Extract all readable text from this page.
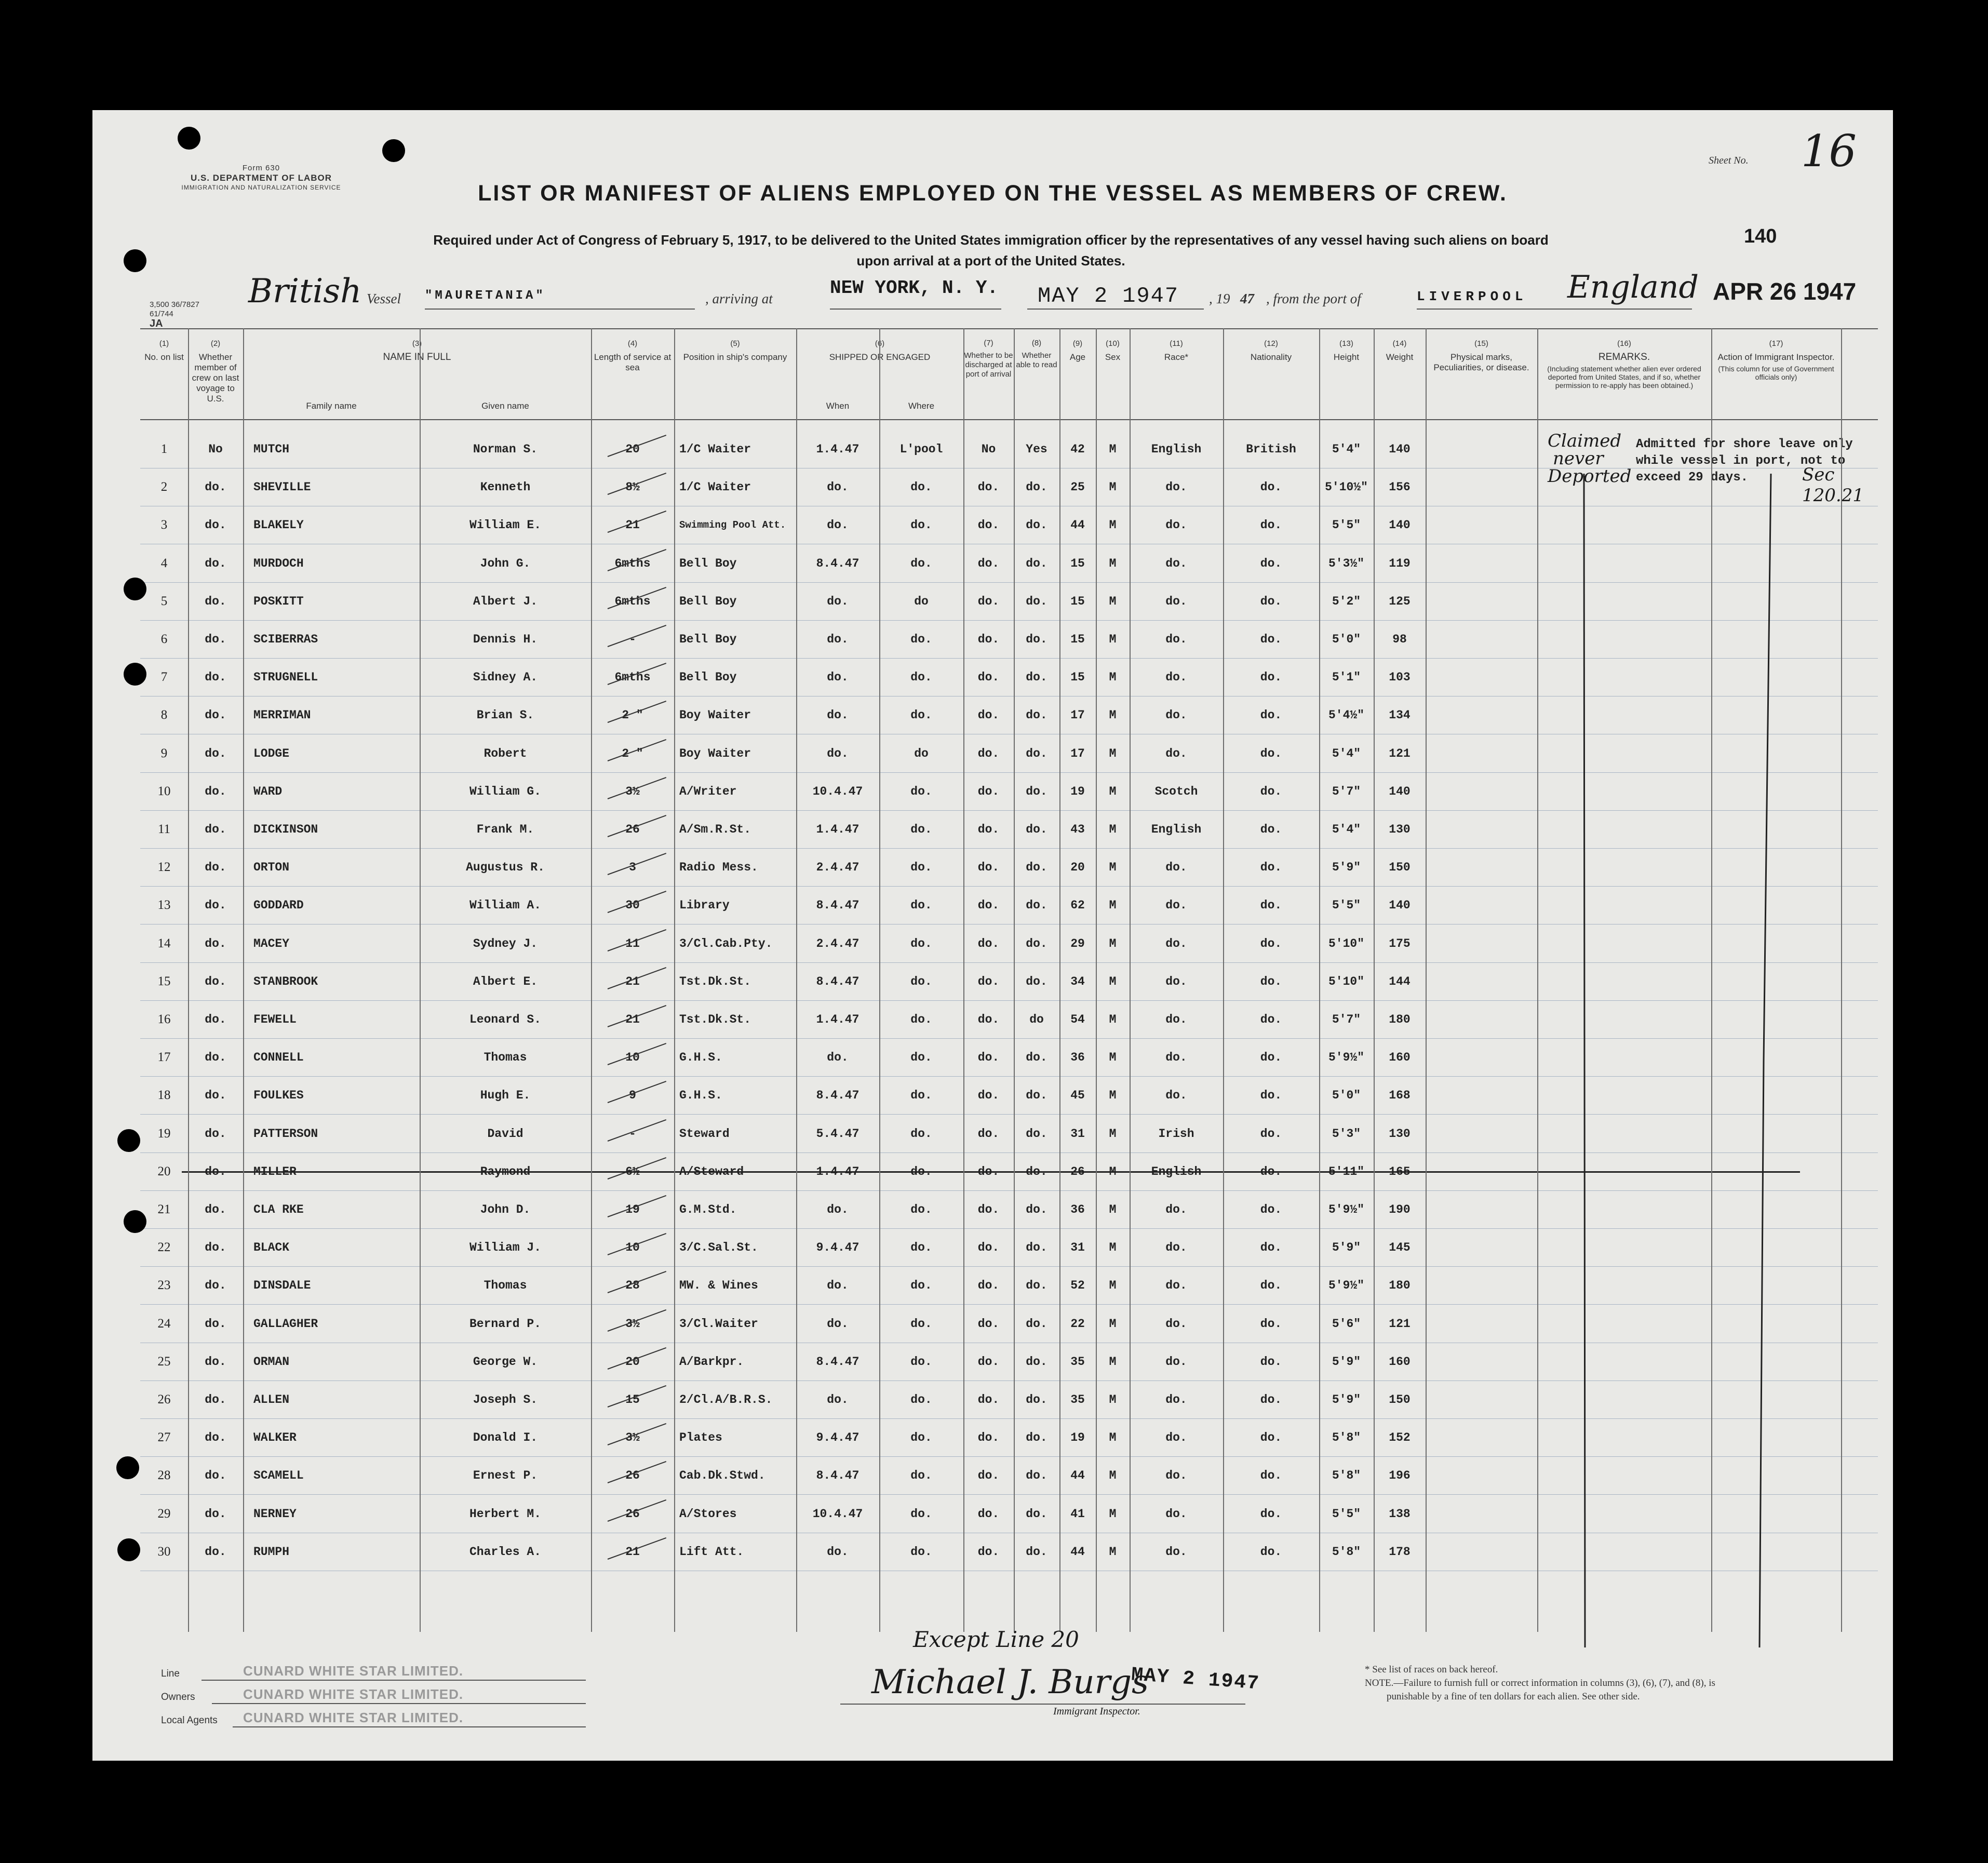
Form 630
U.S. DEPARTMENT OF LABOR
IMMIGRATION AND NATURALIZATION SERVICE
Sheet No. 16
LIST OR MANIFEST OF ALIENS EMPLOYED ON THE VESSEL AS MEMBERS OF CREW.
Required under Act of Congress of February 5, 1917, to be delivered to the United States immigration officer by the representatives of any vessel having such aliens on board
upon arrival at a port of the United States.
140
APR 26 1947
3,500 36/7827
61/744
JA
British Vessel "MAURETANIA"	, arriving at	NEW YORK, N. Y. MAY 2 1947 , 19 47 , from the port of	LIVERPOOL England
(1)
No. on list
(2)
Whether member of crew on last voyage to U.S.
(3)
NAME IN FULL
Family name	Given name
(4)
Length of service at sea
(5)
Position in ship's company
(6)
SHIPPED OR ENGAGED
When	Where
(7)
Whether to be discharged at port of arrival
(8)
Whether able to read
(9)
Age
(10)
Sex
(11)
Race*
(12)
Nationality
(13)
Height
(14)
Weight
(15)
Physical marks, Peculiarities, or disease.
(16)
REMARKS.
(Including statement whether alien ever ordered deported from United States, and if so, whether permission to re-apply has been obtained.)
(17)
Action of Immigrant Inspector.
(This column for use of Government officials only)
1	No	MUTCH	Norman S.	20	1/C Waiter	1.4.47	L'pool	No	Yes	42	M	English	British	5'4"	140
2	do.	SHEVILLE	Kenneth	8½	1/C Waiter	do.	do.	do.	do.	25	M	do.	do.	5'10½"	156
3	do.	BLAKELY	William E.	21	Swimming Pool Att.	do.	do.	do.	do.	44	M	do.	do.	5'5"	140
4	do.	MURDOCH	John G.	6mths	Bell Boy	8.4.47	do.	do.	do.	15	M	do.	do.	5'3½"	119
5	do.	POSKITT	Albert J.	6mths	Bell Boy	do.	do	do.	do.	15	M	do.	do.	5'2"	125
6	do.	SCIBERRAS	Dennis H.	-	Bell Boy	do.	do.	do.	do.	15	M	do.	do.	5'0"	98
7	do.	STRUGNELL	Sidney A.	6mths	Bell Boy	do.	do.	do.	do.	15	M	do.	do.	5'1"	103
8	do.	MERRIMAN	Brian S.	2 "	Boy Waiter	do.	do.	do.	do.	17	M	do.	do.	5'4½"	134
9	do.	LODGE	Robert	2 "	Boy Waiter	do.	do	do.	do.	17	M	do.	do.	5'4"	121
10	do.	WARD	William G.	3½	A/Writer	10.4.47	do.	do.	do.	19	M	Scotch	do.	5'7"	140
11	do.	DICKINSON	Frank M.	26	A/Sm.R.St.	1.4.47	do.	do.	do.	43	M	English	do.	5'4"	130
12	do.	ORTON	Augustus R.	3	Radio Mess.	2.4.47	do.	do.	do.	20	M	do.	do.	5'9"	150
13	do.	GODDARD	William A.	30	Library	8.4.47	do.	do.	do.	62	M	do.	do.	5'5"	140
14	do.	MACEY	Sydney J.	11	3/Cl.Cab.Pty.	2.4.47	do.	do.	do.	29	M	do.	do.	5'10"	175
15	do.	STANBROOK	Albert E.	21	Tst.Dk.St.	8.4.47	do.	do.	do.	34	M	do.	do.	5'10"	144
16	do.	FEWELL	Leonard S.	21	Tst.Dk.St.	1.4.47	do.	do.	do	54	M	do.	do.	5'7"	180
17	do.	CONNELL	Thomas	10	G.H.S.	do.	do.	do.	do.	36	M	do.	do.	5'9½"	160
18	do.	FOULKES	Hugh E.	9	G.H.S.	8.4.47	do.	do.	do.	45	M	do.	do.	5'0"	168
19	do.	PATTERSON	David	-	Steward	5.4.47	do.	do.	do.	31	M	Irish	do.	5'3"	130
20	do.	MILLER	Raymond	6½	A/Steward	1.4.47	do.	do.	do.	26	M	English	do.	5'11"	165
21	do.	CLA RKE	John D.	19	G.M.Std.	do.	do.	do.	do.	36	M	do.	do.	5'9½"	190
22	do.	BLACK	William J.	10	3/C.Sal.St.	9.4.47	do.	do.	do.	31	M	do.	do.	5'9"	145
23	do.	DINSDALE	Thomas	28	MW. & Wines	do.	do.	do.	do.	52	M	do.	do.	5'9½"	180
24	do.	GALLAGHER	Bernard P.	3½	3/Cl.Waiter	do.	do.	do.	do.	22	M	do.	do.	5'6"	121
25	do.	ORMAN	George W.	20	A/Barkpr.	8.4.47	do.	do.	do.	35	M	do.	do.	5'9"	160
26	do.	ALLEN	Joseph S.	15	2/Cl.A/B.R.S.	do.	do.	do.	do.	35	M	do.	do.	5'9"	150
27	do.	WALKER	Donald I.	3½	Plates	9.4.47	do.	do.	do.	19	M	do.	do.	5'8"	152
28	do.	SCAMELL	Ernest P.	26	Cab.Dk.Stwd.	8.4.47	do.	do.	do.	44	M	do.	do.	5'8"	196
29	do.	NERNEY	Herbert M.	26	A/Stores	10.4.47	do.	do.	do.	41	M	do.	do.	5'5"	138
30	do.	RUMPH	Charles A.	21	Lift Att.	do.	do.	do.	do.	44	M	do.	do.	5'8"	178
Claimed
never
Deported
Admitted for shore leave only
while vessel in port, not to
exceed 29 days.	Sec 120.21
Line
Owners
Local Agents
CUNARD WHITE STAR LIMITED.
CUNARD WHITE STAR LIMITED.
CUNARD WHITE STAR LIMITED.
Except Line 20
Michael J. Burgs
MAY 2 1947
Immigrant Inspector.
* See list of races on back hereof.
NOTE.—Failure to furnish full or correct information in columns (3), (6), (7), and (8), is
punishable by a fine of ten dollars for each alien. See other side.
